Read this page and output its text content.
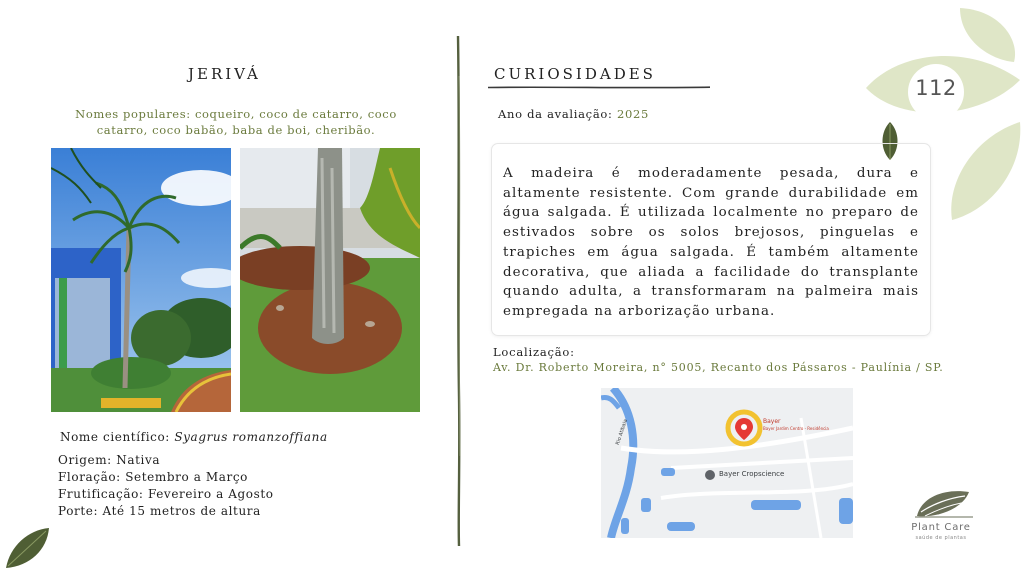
112
JERIVÁ
Nomes populares: coqueiro, coco de catarro, coco catarro, coco babão, baba de boi, cheribão.
Nome científico: Syagrus romanzoffiana
Origem: Nativa
Floração: Setembro a Março
Frutificação: Fevereiro a Agosto
Porte: Até 15 metros de altura
CURIOSIDADES
Ano da avaliação: 2025

A madeira é moderadamente pesada, dura e altamente resistente. Com grande durabilidade em água salgada. É utilizada localmente no preparo de estivados sobre os solos brejosos, pinguelas e trapiches em água salgada. É também altamente decorativa, que aliada a facilidade do transplante quando adulta, a transformaram na palmeira mais empregada na arborização urbana.

Localização:
Av. Dr. Roberto Moreira, n° 5005, Recanto dos Pássaros - Paulínia / SP.
Bayer
Bayer Jardim Centro - Residência
Bayer Cropscience
Rio Atibaia
Plant Care
saúde de plantas
